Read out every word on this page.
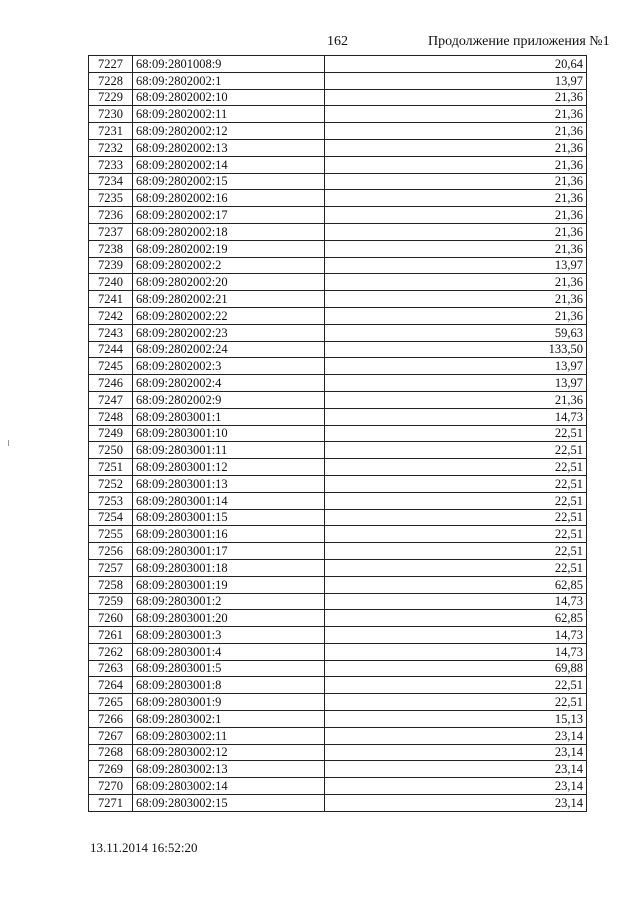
162	Продолжение приложения №1
7227	68:09:2801008:9	20,64
7228	68:09:2802002:1	13,97
7229	68:09:2802002:10	21,36
7230	68:09:2802002:11	21,36
7231	68:09:2802002:12	21,36
7232	68:09:2802002:13	21,36
7233	68:09:2802002:14	21,36
7234	68:09:2802002:15	21,36
7235	68:09:2802002:16	21,36
7236	68:09:2802002:17	21,36
7237	68:09:2802002:18	21,36
7238	68:09:2802002:19	21,36
7239	68:09:2802002:2	13,97
7240	68:09:2802002:20	21,36
7241	68:09:2802002:21	21,36
7242	68:09:2802002:22	21,36
7243	68:09:2802002:23	59,63
7244	68:09:2802002:24	133,50
7245	68:09:2802002:3	13,97
7246	68:09:2802002:4	13,97
7247	68:09:2802002:9	21,36
7248	68:09:2803001:1	14,73
7249	68:09:2803001:10	22,51
7250	68:09:2803001:11	22,51
7251	68:09:2803001:12	22,51
7252	68:09:2803001:13	22,51
7253	68:09:2803001:14	22,51
7254	68:09:2803001:15	22,51
7255	68:09:2803001:16	22,51
7256	68:09:2803001:17	22,51
7257	68:09:2803001:18	22,51
7258	68:09:2803001:19	62,85
7259	68:09:2803001:2	14,73
7260	68:09:2803001:20	62,85
7261	68:09:2803001:3	14,73
7262	68:09:2803001:4	14,73
7263	68:09:2803001:5	69,88
7264	68:09:2803001:8	22,51
7265	68:09:2803001:9	22,51
7266	68:09:2803002:1	15,13
7267	68:09:2803002:11	23,14
7268	68:09:2803002:12	23,14
7269	68:09:2803002:13	23,14
7270	68:09:2803002:14	23,14
7271	68:09:2803002:15	23,14
13.11.2014 16:52:20
